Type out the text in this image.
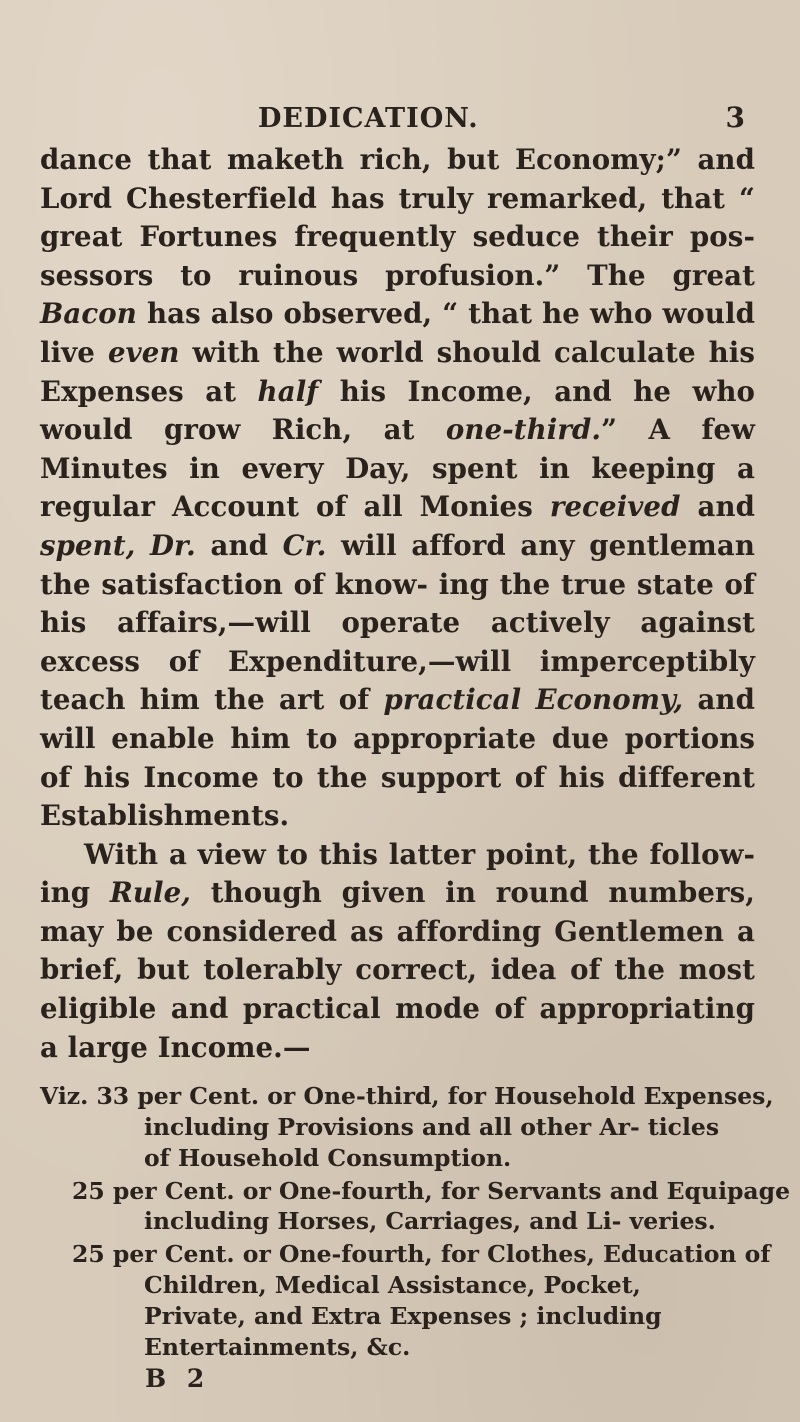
DEDICATION.	3

dance that maketh rich, but Economy;” and Lord Chesterfield has truly remarked, that “ great Fortunes frequently seduce their pos- sessors to ruinous profusion.” The great Bacon has also observed, “ that he who would live even with the world should calculate his Expenses at half his Income, and he who would grow Rich, at one-third.” A few Minutes in every Day, spent in keeping a regular Account of all Monies received and spent, Dr. and Cr. will afford any gentleman the satisfaction of know- ing the true state of his affairs,—will operate actively against excess of Expenditure,—will imperceptibly teach him the art of practical Economy, and will enable him to appropriate due portions of his Income to the support of his different Establishments.

With a view to this latter point, the follow- ing Rule, though given in round numbers, may be considered as affording Gentlemen a brief, but tolerably correct, idea of the most eligible and practical mode of appropriating a large Income.—

Viz. 33 per Cent. or One-third, for Household Expenses,
including Provisions and all other Ar- ticles of Household Consumption.
25 per Cent. or One-fourth, for Servants and Equipage
including Horses, Carriages, and Li- veries.
25 per Cent. or One-fourth, for Clothes, Education of
Children, Medical Assistance, Pocket, Private, and Extra Expenses ; including Entertainments, &c.
B 2
